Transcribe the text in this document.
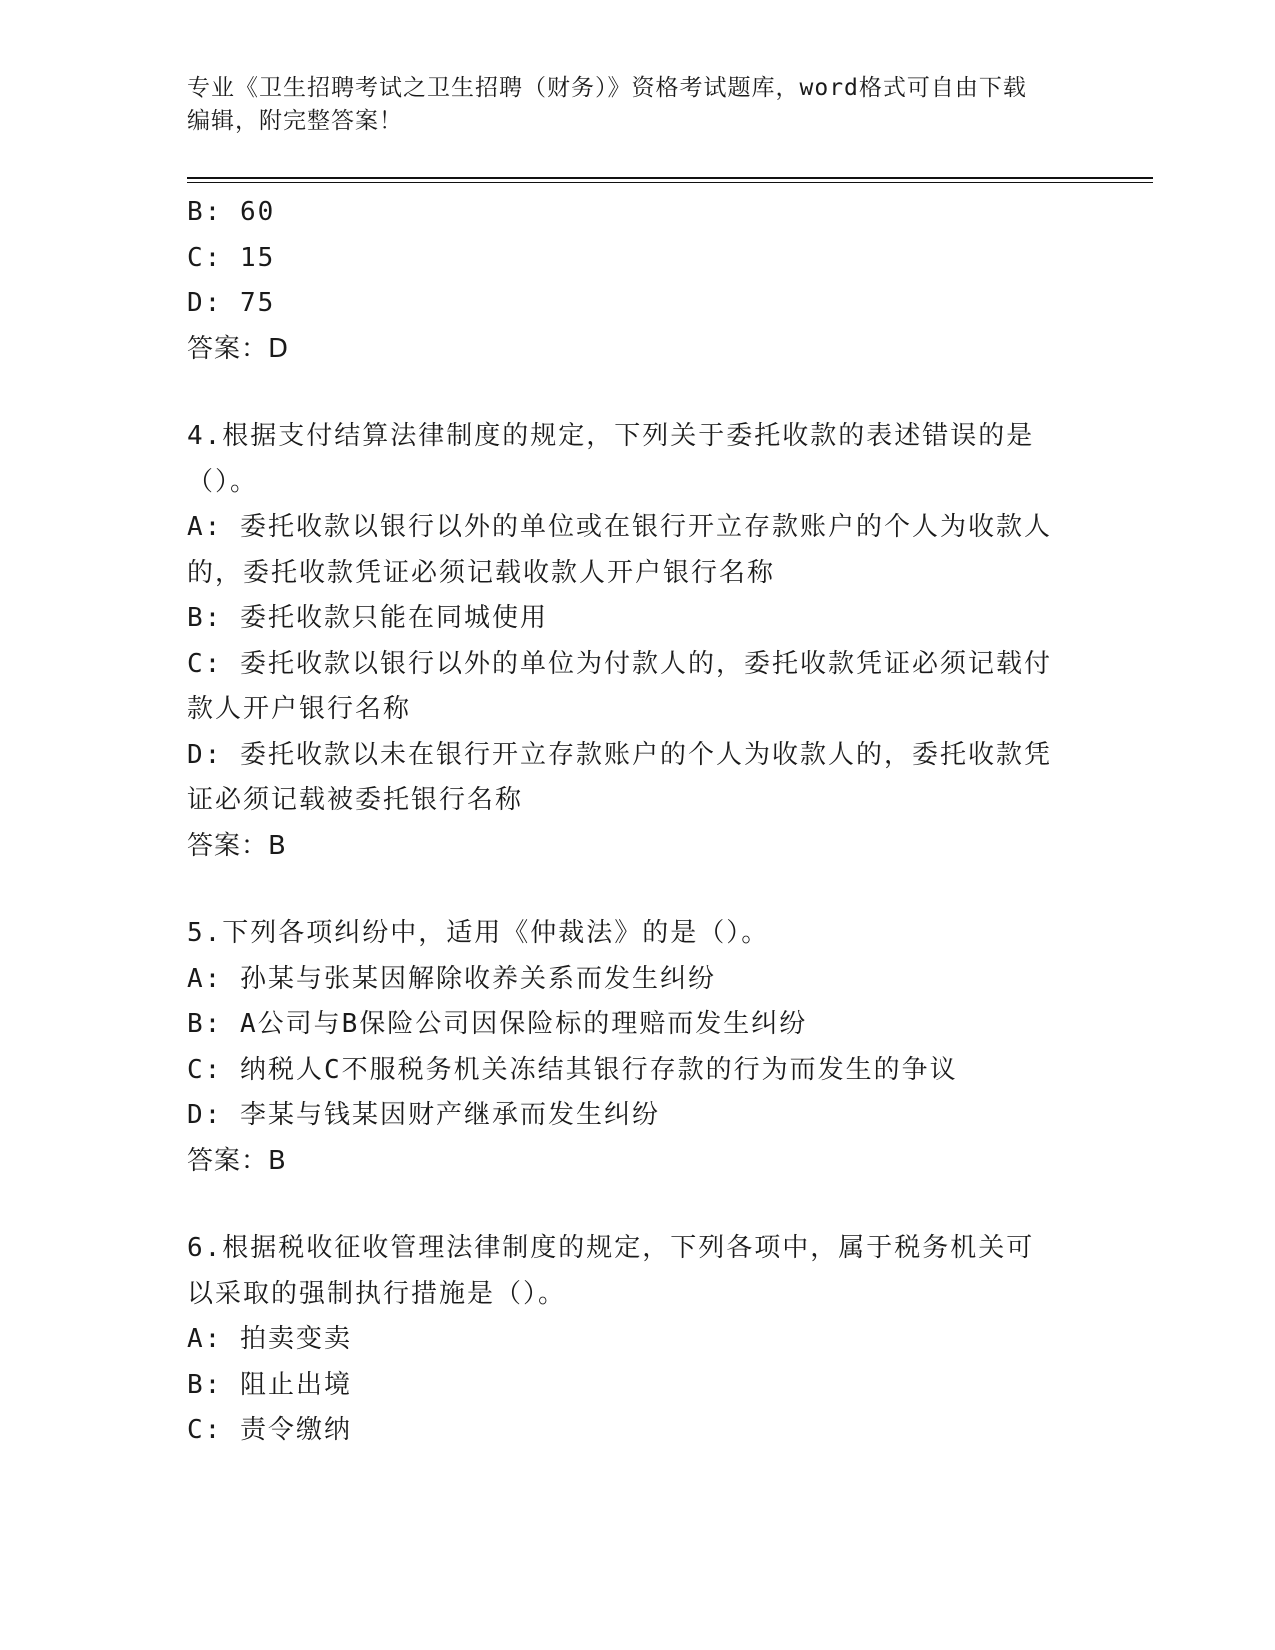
专业《卫生招聘考试之卫生招聘（财务）》资格考试题库，word格式可自由下载
编辑，附完整答案！

B: 60

C: 15

D: 75

答案：D

4.根据支付结算法律制度的规定，下列关于委托收款的表述错误的是

（）。

A: 委托收款以银行以外的单位或在银行开立存款账户的个人为收款人

的，委托收款凭证必须记载收款人开户银行名称

B: 委托收款只能在同城使用

C: 委托收款以银行以外的单位为付款人的，委托收款凭证必须记载付

款人开户银行名称

D: 委托收款以未在银行开立存款账户的个人为收款人的，委托收款凭

证必须记载被委托银行名称

答案：B

5.下列各项纠纷中，适用《仲裁法》的是（）。

A: 孙某与张某因解除收养关系而发生纠纷

B: A公司与B保险公司因保险标的理赔而发生纠纷

C: 纳税人C不服税务机关冻结其银行存款的行为而发生的争议

D: 李某与钱某因财产继承而发生纠纷

答案：B

6.根据税收征收管理法律制度的规定，下列各项中，属于税务机关可

以采取的强制执行措施是（）。

A: 拍卖变卖

B: 阻止出境

C: 责令缴纳
